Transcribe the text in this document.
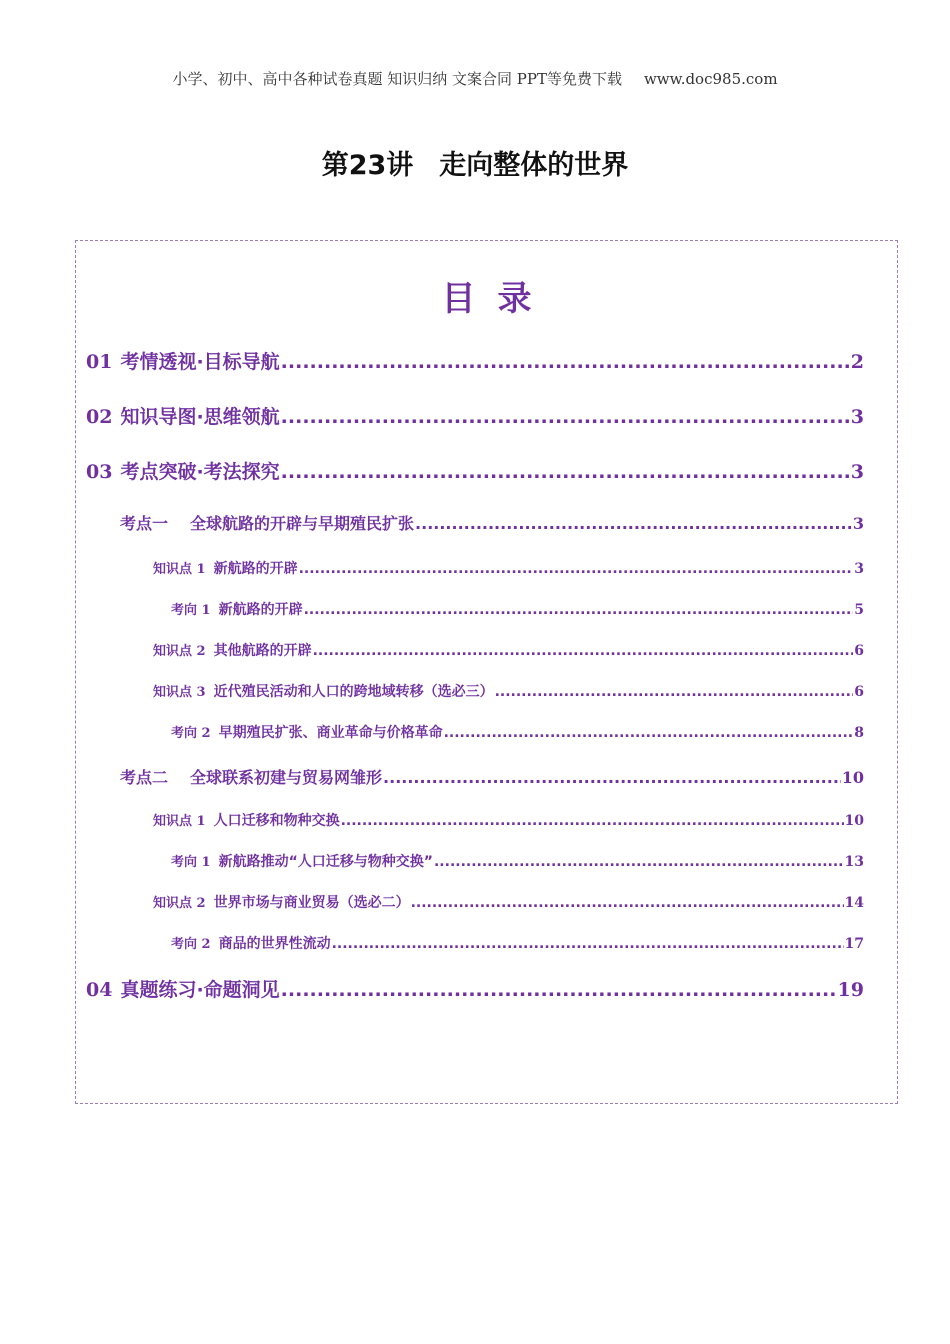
小学、初中、高中各种试卷真题 知识归纳 文案合同 PPT等免费下载 www.doc985.com
第23讲 走向整体的世界
目录
01 考情透视·目标导航 .....	2
02 知识导图·思维领航 .....	3
03 考点突破·考法探究 .....	3
考点一 全球航路的开辟与早期殖民扩张 .....	3
知识点 1 新航路的开辟 .....	3
考向 1 新航路的开辟 .....	5
知识点 2 其他航路的开辟 .....	6
知识点 3 近代殖民活动和人口的跨地域转移（选必三） .....	6
考向 2 早期殖民扩张、商业革命与价格革命 .....	8
考点二 全球联系初建与贸易网雏形 .....	10
知识点 1 人口迁移和物种交换 .....	10
考向 1 新航路推动“人口迁移与物种交换” .....	13
知识点 2 世界市场与商业贸易（选必二） .....	14
考向 2 商品的世界性流动 .....	17
04 真题练习·命题洞见 .....	19
